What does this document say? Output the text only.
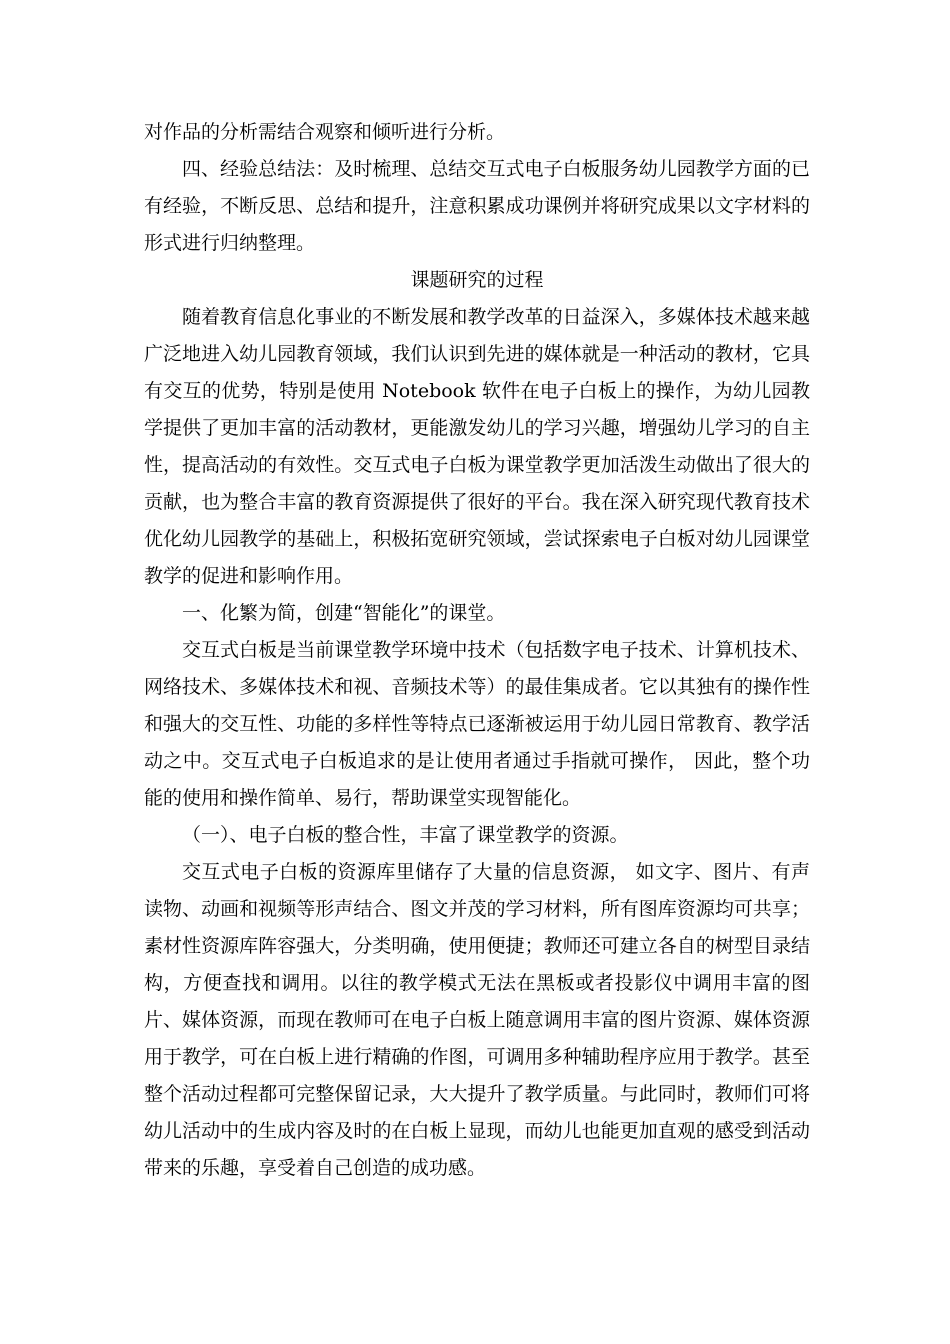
对作品的分析需结合观察和倾听进行分析。

四、经验总结法：及时梳理、总结交互式电子白板服务幼儿园教学方面的已有经验，不断反思、总结和提升，注意积累成功课例并将研究成果以文字材料的形式进行归纳整理。

课题研究的过程

随着教育信息化事业的不断发展和教学改革的日益深入，多媒体技术越来越广泛地进入幼儿园教育领域，我们认识到先进的媒体就是一种活动的教材，它具有交互的优势，特别是使用 Notebook 软件在电子白板上的操作，为幼儿园教学提供了更加丰富的活动教材，更能激发幼儿的学习兴趣，增强幼儿学习的自主性，提高活动的有效性。交互式电子白板为课堂教学更加活泼生动做出了很大的贡献，也为整合丰富的教育资源提供了很好的平台。我在深入研究现代教育技术优化幼儿园教学的基础上，积极拓宽研究领域，尝试探索电子白板对幼儿园课堂教学的促进和影响作用。

一、化繁为简，创建“智能化”的课堂。

交互式白板是当前课堂教学环境中技术（包括数字电子技术、计算机技术、网络技术、多媒体技术和视、音频技术等）的最佳集成者。它以其独有的操作性和强大的交互性、功能的多样性等特点已逐渐被运用于幼儿园日常教育、教学活动之中。交互式电子白板追求的是让使用者通过手指就可操作， 因此，整个功能的使用和操作简单、易行，帮助课堂实现智能化。

（一）、电子白板的整合性，丰富了课堂教学的资源。

交互式电子白板的资源库里储存了大量的信息资源， 如文字、图片、有声读物、动画和视频等形声结合、图文并茂的学习材料，所有图库资源均可共享；素材性资源库阵容强大，分类明确，使用便捷；教师还可建立各自的树型目录结构，方便查找和调用。以往的教学模式无法在黑板或者投影仪中调用丰富的图片、媒体资源，而现在教师可在电子白板上随意调用丰富的图片资源、媒体资源用于教学，可在白板上进行精确的作图，可调用多种辅助程序应用于教学。甚至整个活动过程都可完整保留记录，大大提升了教学质量。与此同时，教师们可将幼儿活动中的生成内容及时的在白板上显现，而幼儿也能更加直观的感受到活动带来的乐趣，享受着自己创造的成功感。
